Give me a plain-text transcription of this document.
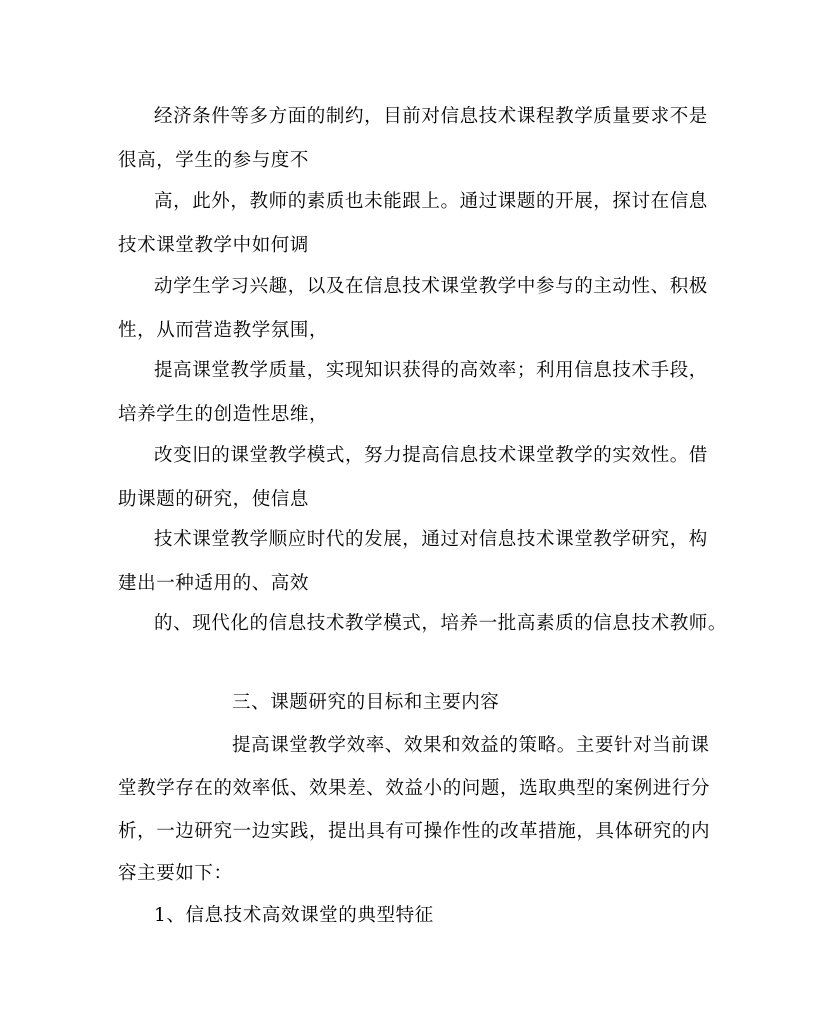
经济条件等多方面的制约，目前对信息技术课程教学质量要求不是

很高，学生的参与度不

高，此外，教师的素质也未能跟上。通过课题的开展，探讨在信息

技术课堂教学中如何调

动学生学习兴趣，以及在信息技术课堂教学中参与的主动性、积极

性，从而营造教学氛围，

提高课堂教学质量，实现知识获得的高效率；利用信息技术手段，

培养学生的创造性思维，

改变旧的课堂教学模式，努力提高信息技术课堂教学的实效性。借

助课题的研究，使信息

技术课堂教学顺应时代的发展，通过对信息技术课堂教学研究，构

建出一种适用的、高效

的、现代化的信息技术教学模式，培养一批高素质的信息技术教师。

三、课题研究的目标和主要内容

提高课堂教学效率、效果和效益的策略。主要针对当前课

堂教学存在的效率低、效果差、效益小的问题，选取典型的案例进行分

析，一边研究一边实践，提出具有可操作性的改革措施，具体研究的内

容主要如下：

1、信息技术高效课堂的典型特征
